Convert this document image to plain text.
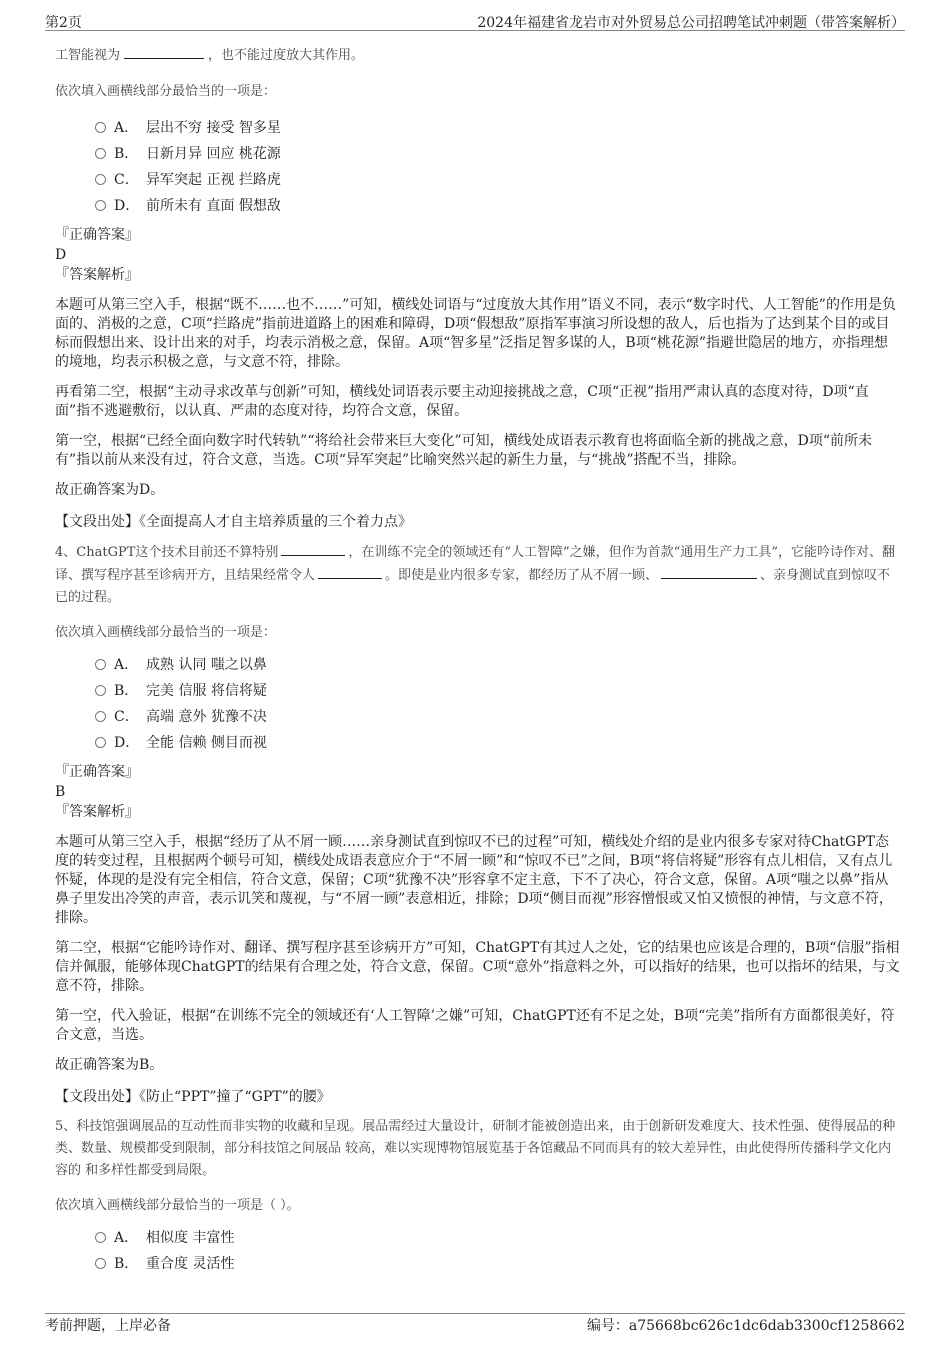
第2页	2024年福建省龙岩市对外贸易总公司招聘笔试冲刺题（带答案解析）

工智能视为	，也不能过度放大其作用。

依次填入画横线部分最恰当的一项是：

A． 层出不穷 接受 智多星
B． 日新月异 回应 桃花源
C． 异军突起 正视 拦路虎
D． 前所未有 直面 假想敌

『正确答案』

D

『答案解析』

本题可从第三空入手，根据“既不……也不……”可知，横线处词语与“过度放大其作用”语义不同，表示“数字时代、人工智能”的作用是负面的、消极的之意，C项“拦路虎”指前进道路上的困难和障碍，D项“假想敌”原指军事演习所设想的敌人，后也指为了达到某个目的或目标而假想出来、设计出来的对手，均表示消极之意，保留。A项“智多星”泛指足智多谋的人，B项“桃花源”指避世隐居的地方，亦指理想的境地，均表示积极之意，与文意不符，排除。

再看第二空，根据“主动寻求改革与创新”可知，横线处词语表示要主动迎接挑战之意，C项“正视”指用严肃认真的态度对待，D项“直面”指不逃避敷衍，以认真、严肃的态度对待，均符合文意，保留。

第一空，根据“已经全面向数字时代转轨”“将给社会带来巨大变化”可知，横线处成语表示教育也将面临全新的挑战之意，D项“前所未有”指以前从来没有过，符合文意，当选。C项“异军突起”比喻突然兴起的新生力量，与“挑战”搭配不当，排除。

故正确答案为D。

【文段出处】《全面提高人才自主培养质量的三个着力点》

4、ChatGPT这个技术目前还不算特别	，在训练不完全的领域还有“人工智障”之嫌，但作为首款“通用生产力工具”，它能吟诗作对、翻译、撰写程序甚至诊病开方，且结果经常令人	。即使是业内很多专家，都经历了从不屑一顾、	、亲身测试直到惊叹不已的过程。

依次填入画横线部分最恰当的一项是：

A． 成熟 认同 嗤之以鼻
B． 完美 信服 将信将疑
C． 高端 意外 犹豫不决
D． 全能 信赖 侧目而视

『正确答案』

B

『答案解析』

本题可从第三空入手，根据“经历了从不屑一顾……亲身测试直到惊叹不已的过程”可知，横线处介绍的是业内很多专家对待ChatGPT态度的转变过程，且根据两个顿号可知，横线处成语表意应介于“不屑一顾”和“惊叹不已”之间，B项“将信将疑”形容有点儿相信，又有点儿怀疑，体现的是没有完全相信，符合文意，保留；C项“犹豫不决”形容拿不定主意，下不了决心，符合文意，保留。A项“嗤之以鼻”指从鼻子里发出冷笑的声音，表示讥笑和蔑视，与“不屑一顾”表意相近，排除；D项“侧目而视”形容憎恨或又怕又愤恨的神情，与文意不符，排除。

第二空，根据“它能吟诗作对、翻译、撰写程序甚至诊病开方”可知，ChatGPT有其过人之处，它的结果也应该是合理的，B项“信服”指相信并佩服，能够体现ChatGPT的结果有合理之处，符合文意，保留。C项“意外”指意料之外，可以指好的结果，也可以指坏的结果，与文意不符，排除。

第一空，代入验证，根据“在训练不完全的领域还有‘人工智障’之嫌”可知，ChatGPT还有不足之处，B项“完美”指所有方面都很美好，符合文意，当选。

故正确答案为B。

【文段出处】《防止“PPT”撞了“GPT”的腰》

5、科技馆强调展品的互动性而非实物的收藏和呈现。展品需经过大量设计，研制才能被创造出来，由于创新研发难度大、技术性强、使得展品的种类、数量、规模都受到限制，部分科技馆之间展品 较高，难以实现博物馆展览基于各馆藏品不同而具有的较大差异性，由此使得所传播科学文化内容的 和多样性都受到局限。

依次填入画横线部分最恰当的一项是（ ）。

A． 相似度 丰富性
B． 重合度 灵活性
考前押题，上岸必备	编号：a75668bc626c1dc6dab3300cf1258662
